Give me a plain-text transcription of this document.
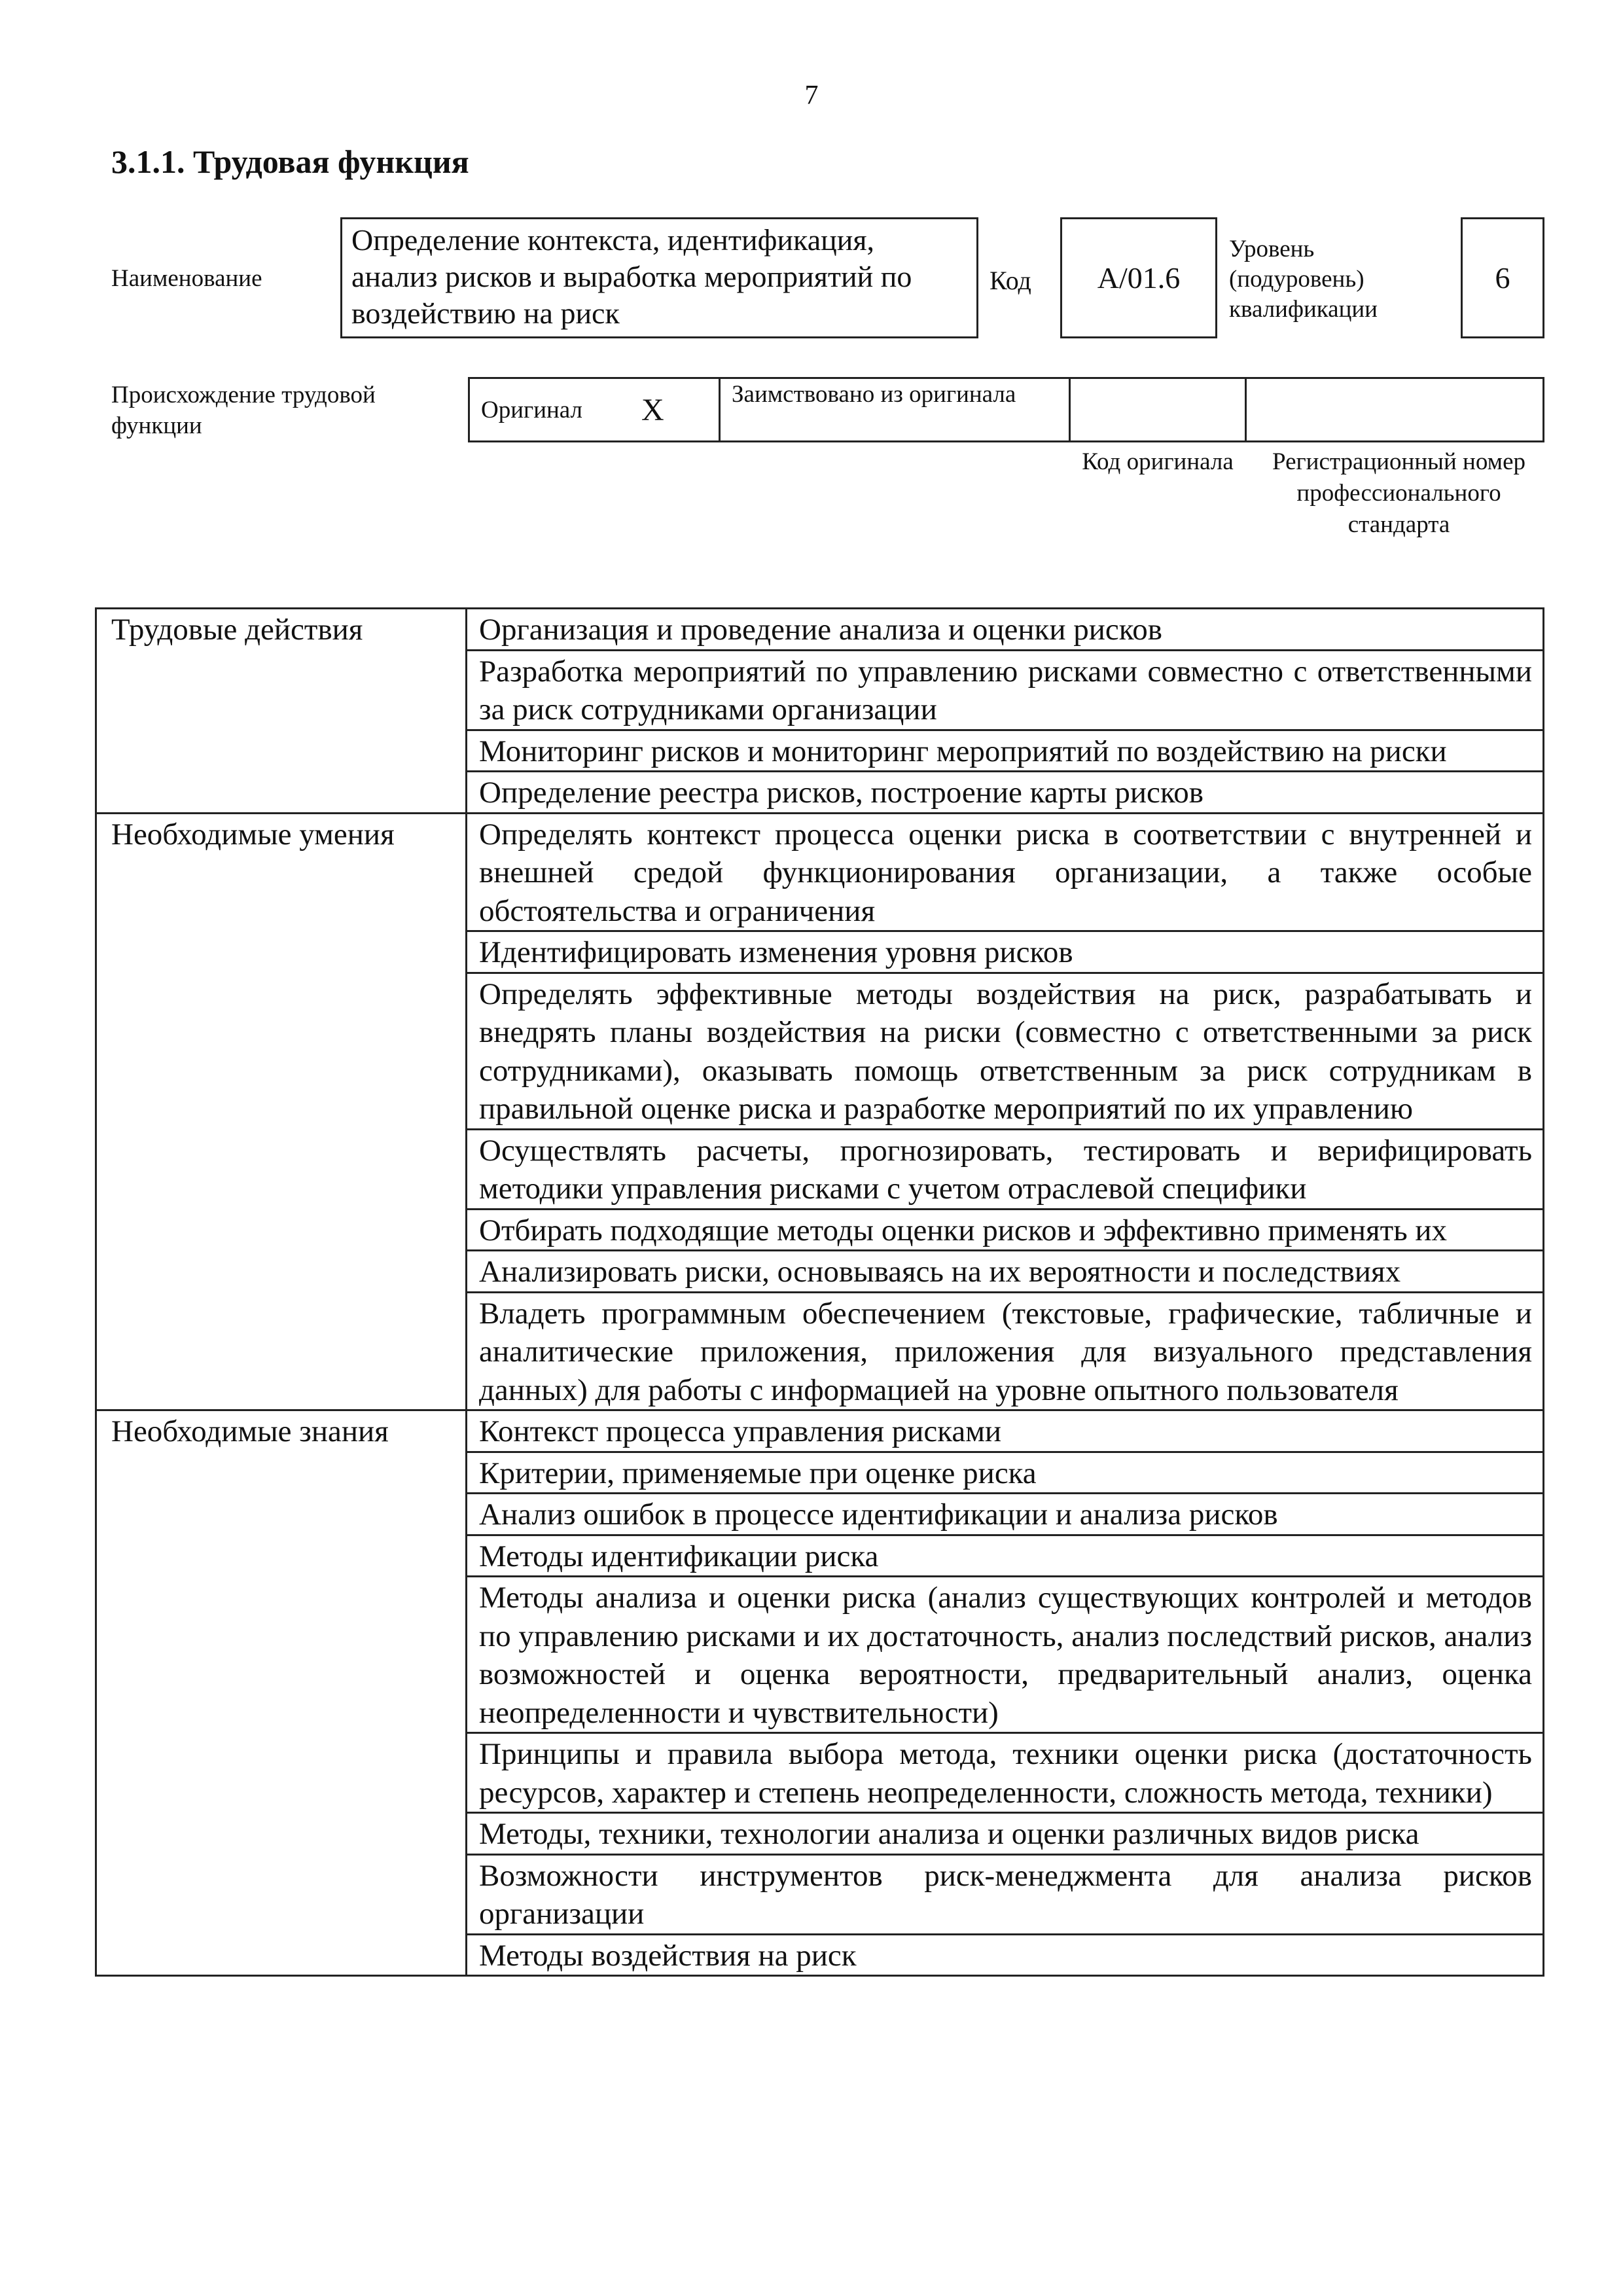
7
3.1.1. Трудовая функция
Наименование
Определение контекста, идентификация, анализ рисков и выработка мероприятий по воздействию на риск
Код А/01.6
Уровень (подуровень) квалификации
6
Происхождение трудовой функции
Оригинал X	Заимствовано из оригинала
Код оригинала	Регистрационный номер профессионального стандарта
Трудовые действия	Организация и проведение анализа и оценки рисков
	Разработка мероприятий по управлению рисками совместно с ответственными за риск сотрудниками организации
	Мониторинг рисков и мониторинг мероприятий по воздействию на риски
	Определение реестра рисков, построение карты рисков
Необходимые умения	Определять контекст процесса оценки риска в соответствии с внутренней и внешней средой функционирования организации, а также особые обстоятельства и ограничения
	Идентифицировать изменения уровня рисков
	Определять эффективные методы воздействия на риск, разрабатывать и внедрять планы воздействия на риски (совместно с ответственными за риск сотрудниками), оказывать помощь ответственным за риск сотрудникам в правильной оценке риска и разработке мероприятий по их управлению
	Осуществлять расчеты, прогнозировать, тестировать и верифицировать методики управления рисками с учетом отраслевой специфики
	Отбирать подходящие методы оценки рисков и эффективно применять их
	Анализировать риски, основываясь на их вероятности и последствиях
	Владеть программным обеспечением (текстовые, графические, табличные и аналитические приложения, приложения для визуального представления данных) для работы с информацией на уровне опытного пользователя
Необходимые знания	Контекст процесса управления рисками
	Критерии, применяемые при оценке риска
	Анализ ошибок в процессе идентификации и анализа рисков
	Методы идентификации риска
	Методы анализа и оценки риска (анализ существующих контролей и методов по управлению рисками и их достаточность, анализ последствий рисков, анализ возможностей и оценка вероятности, предварительный анализ, оценка неопределенности и чувствительности)
	Принципы и правила выбора метода, техники оценки риска (достаточность ресурсов, характер и степень неопределенности, сложность метода, техники)
	Методы, техники, технологии анализа и оценки различных видов риска
	Возможности инструментов риск-менеджмента для анализа рисков организации
	Методы воздействия на риск
